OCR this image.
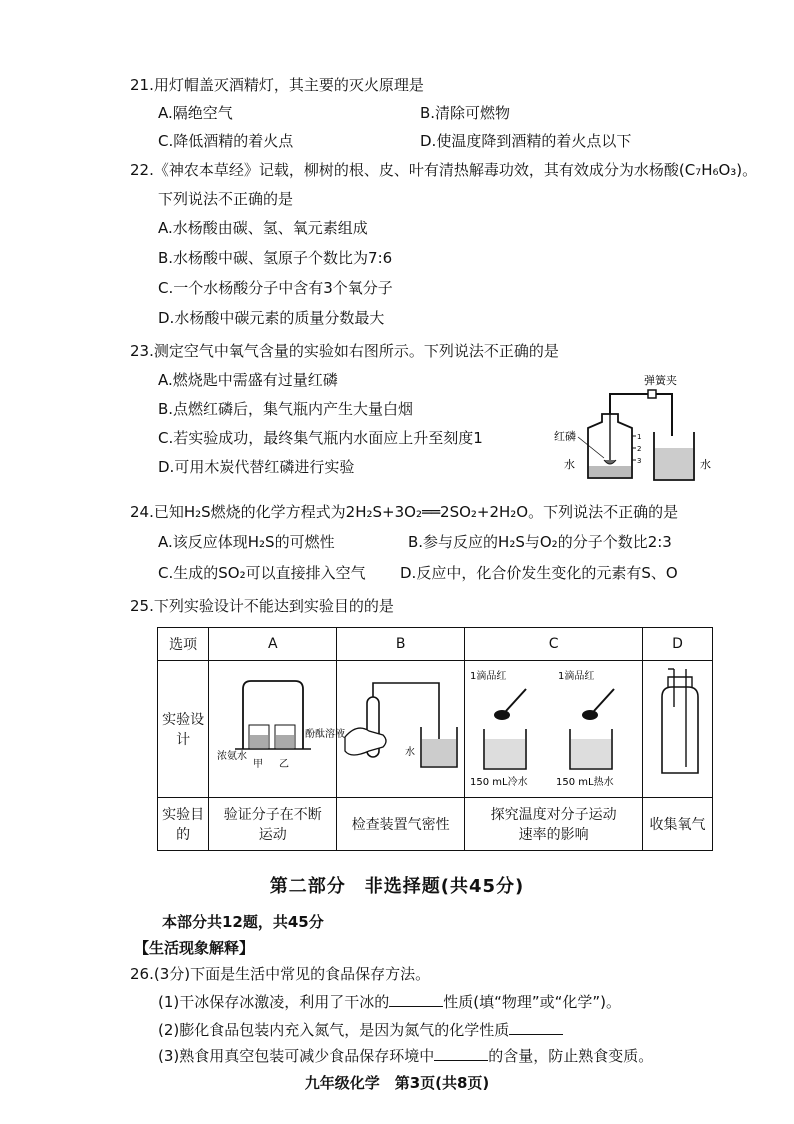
21.用灯帽盖灭酒精灯，其主要的灭火原理是
A.隔绝空气	B.清除可燃物
C.降低酒精的着火点	D.使温度降到酒精的着火点以下
22.《神农本草经》记载，柳树的根、皮、叶有清热解毒功效，其有效成分为水杨酸(C₇H₆O₃)。
下列说法不正确的是
A.水杨酸由碳、氢、氧元素组成
B.水杨酸中碳、氢原子个数比为7:6
C.一个水杨酸分子中含有3个氧分子
D.水杨酸中碳元素的质量分数最大
23.测定空气中氧气含量的实验如右图所示。下列说法不正确的是
A.燃烧匙中需盛有过量红磷
B.点燃红磷后，集气瓶内产生大量白烟
C.若实验成功，最终集气瓶内水面应上升至刻度1
D.可用木炭代替红磷进行实验
弹簧夹
1
2
3
红磷
水	水
24.已知H₂S燃烧的化学方程式为2H₂S+3O₂══2SO₂+2H₂O。下列说法不正确的是
A.该反应体现H₂S的可燃性	B.参与反应的H₂S与O₂的分子个数比2:3
C.生成的SO₂可以直接排入空气 D.反应中，化合价发生变化的元素有S、O
25.下列实验设计不能达到实验目的的是
选项	A	B	C	D
实验设计	浓氨水
酚酞溶液
甲 乙	水	1滴品红 1滴品红
150 mL冷水 150 mL热水

实验目的	验证分子在不断运动	检查装置气密性	探究温度对分子运动速率的影响	收集氧气
第二部分　非选择题(共45分)
本部分共12题，共45分
【生活现象解释】
26.(3分)下面是生活中常见的食品保存方法。
(1)干冰保存冰激凌，利用了干冰的	性质(填“物理”或“化学”)。
(2)膨化食品包装内充入氮气，是因为氮气的化学性质
(3)熟食用真空包装可减少食品保存环境中	的含量，防止熟食变质。
九年级化学　第3页(共8页)
